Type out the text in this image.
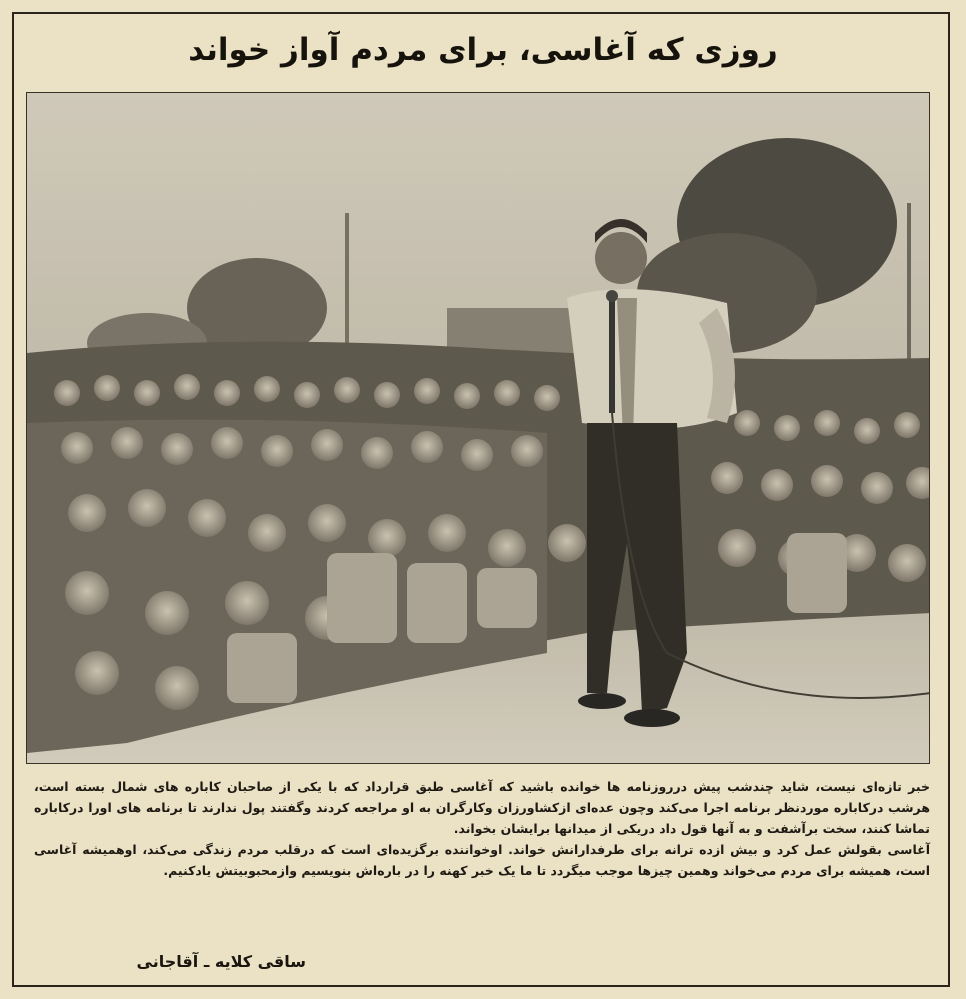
روزی که آغاسی، برای مردم آواز خواند

خبر تازه‌ای نیست، شاید چندشب پیش درروزنامه ها خوانده باشید که آغاسی طبق قرارداد که با یکی از صاحبان کاباره های شمال بسته است، هرشب درکاباره موردنظر برنامه اجرا می‌کند وچون عده‌ای ازکشاورزان وکارگران به او مراجعه کردند وگفتند پول ندارند تا برنامه های اورا درکاباره تماشا کنند، سخت برآشفت و به آنها قول داد دریکی از میدانها برایشان بخواند.

آغاسی بقولش عمل کرد و بیش ازده ترانه برای طرفدارانش خواند. اوخواننده برگزیده‌ای است که درقلب مردم زندگی می‌کند، اوهمیشه آغاسی است، همیشه برای مردم می‌خواند وهمین چیزها موجب میگردد تا ما یک خبر کهنه را در باره‌اش بنویسیم وازمحبوبیتش یادکنیم.

ساقی کلایه ـ آقاجانی
